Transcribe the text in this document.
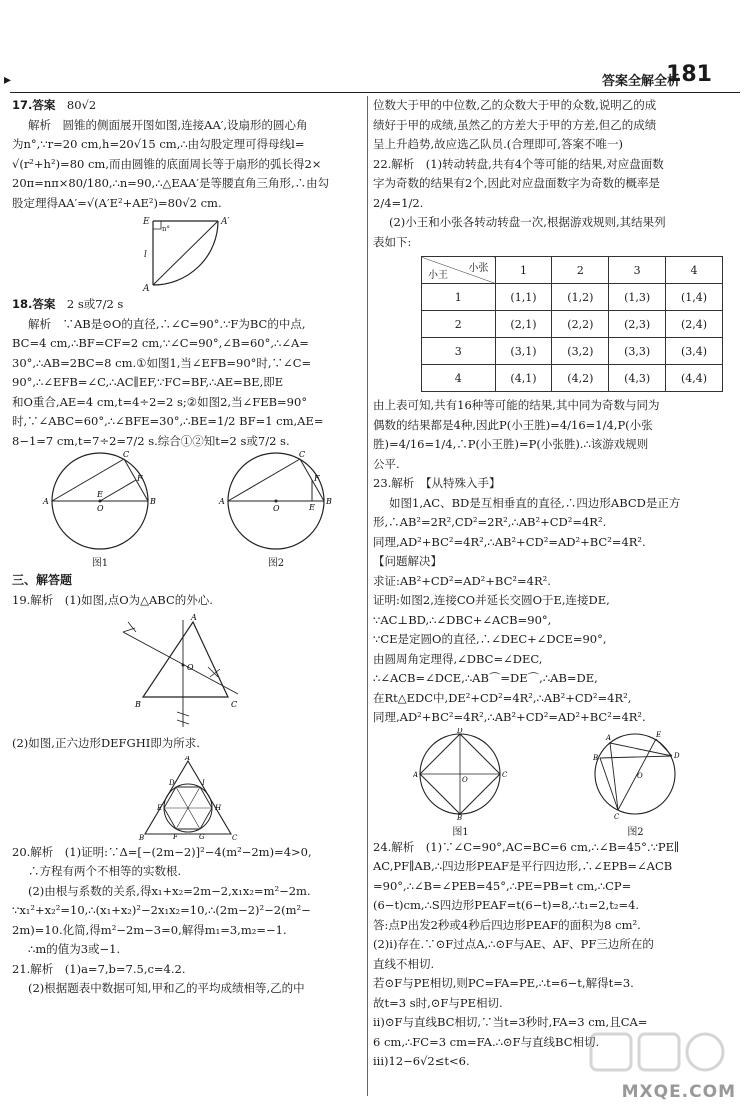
▸	答案全解全析
181

17.答案　 80√2

解析　圆锥的侧面展开图如图,连接AA′,设扇形的圆心角

为n°,∵r=20 cm,h=20√15 cm,∴由勾股定理可得母线l=

√(r²+h²)=80 cm,而由圆锥的底面周长等于扇形的弧长得2×

20π=nπ×80/180,∴n=90,∴△EAA′是等腰直角三角形,∴由勾

股定理得AA′=√(A′E²+AE²)=80√2 cm.

E	A′
A
l
n°

18.答案　 2 s或7/2 s

解析　∵AB是⊙O的直径,∴∠C=90°.∵F为BC的中点,

BC=4 cm,∴BF=CF=2 cm,∵∠C=90°,∠B=60°,∴∠A=

30°,∴AB=2BC=8 cm.①如图1,当∠EFB=90°时,∵∠C=

90°,∴∠EFB=∠C,∴AC∥EF,∵FC=BF,∴AE=BE,即E

和O重合,AE=4 cm,t=4÷2=2 s;②如图2,当∠FEB=90°

时,∵∠ABC=60°,∴∠BFE=30°,∴BE=1/2 BF=1 cm,AE=

8−1=7 cm,t=7÷2=7/2 s.综合①②知t=2 s或7/2 s.

A	B
C
F
O
E
图1
A	B
C
F
O	E
图2

三、解答题

19.解析　(1)如图,点O为△ABC的外心.

O
A
B	C

(2)如图,正六边形DEFGHI即为所求.

A
B	C
D
H
E
F	G
I

20.解析　(1)证明:∵Δ=[−(2m−2)]²−4(m²−2m)=4>0,

∴方程有两个不相等的实数根.

(2)由根与系数的关系,得x₁+x₂=2m−2,x₁x₂=m²−2m.

∵x₁²+x₂²=10,∴(x₁+x₂)²−2x₁x₂=10,∴(2m−2)²−2(m²−

2m)=10.化简,得m²−2m−3=0,解得m₁=3,m₂=−1.

∴m的值为3或−1.

21.解析　(1)a=7,b=7.5,c=4.2.

(2)根据题表中数据可知,甲和乙的平均成绩相等,乙的中

位数大于甲的中位数,乙的众数大于甲的众数,说明乙的成

绩好于甲的成绩,虽然乙的方差大于甲的方差,但乙的成绩

呈上升趋势,故应选乙队员.(合理即可,答案不唯一)

22.解析　(1)转动转盘,共有4个等可能的结果,对应盘面数

字为奇数的结果有2个,因此对应盘面数字为奇数的概率是

2/4=1/2.

(2)小王和小张各转动转盘一次,根据游戏规则,其结果列

表如下:

小张
小王	1	2	3	4
1	(1,1)	(1,2)	(1,3)	(1,4)
2	(2,1)	(2,2)	(2,3)	(2,4)
3	(3,1)	(3,2)	(3,3)	(3,4)
4	(4,1)	(4,2)	(4,3)	(4,4)

由上表可知,共有16种等可能的结果,其中同为奇数与同为

偶数的结果都是4种,因此P(小王胜)=4/16=1/4,P(小张

胜)=4/16=1/4,∴P(小王胜)=P(小张胜).∴该游戏规则

公平.

23.解析　【从特殊入手】

如图1,AC、BD是互相垂直的直径,∴四边形ABCD是正方

形,∴AB²=2R²,CD²=2R²,∴AB²+CD²=4R².

同理,AD²+BC²=4R²,∴AB²+CD²=AD²+BC²=4R².

【问题解决】

求证:AB²+CD²=AD²+BC²=4R².

证明:如图2,连接CO并延长交圆O于E,连接DE,

∵AC⊥BD,∴∠DBC+∠ACB=90°,

∵CE是定圆O的直径,∴∠DEC+∠DCE=90°,

由圆周角定理得,∠DBC=∠DEC,

∴∠ACB=∠DCE,∴AB⌒=DE⌒,∴AB=DE,

在Rt△EDC中,DE²+CD²=4R²,∴AB²+CD²=4R²,

同理,AD²+BC²=4R²,∴AB²+CD²=AD²+BC²=4R².

D
A	C
B
O
图1
A
B	D
E
C
O
图2

24.解析　(1)∵∠C=90°,AC=BC=6 cm,∴∠B=45°.∵PE∥

AC,PF∥AB,∴四边形PEAF是平行四边形,∴∠EPB=∠ACB

=90°,∴∠B=∠PEB=45°,∴PE=PB=t cm,∴CP=

(6−t)cm,∴S四边形PEAF=t(6−t)=8,∴t₁=2,t₂=4.

答:点P出发2秒或4秒后四边形PEAF的面积为8 cm².

(2)i)存在.∵⊙F过点A,∴⊙F与AE、AF、PF三边所在的

直线不相切.

若⊙F与PE相切,则PC=FA=PE,∴t=6−t,解得t=3.

故t=3 s时,⊙F与PE相切.

ii)⊙F与直线BC相切,∵当t=3秒时,FA=3 cm,且CA=

6 cm,∴FC=3 cm=FA.∴⊙F与直线BC相切.

iii)12−6√2≤t<6.

MXQE.COM
